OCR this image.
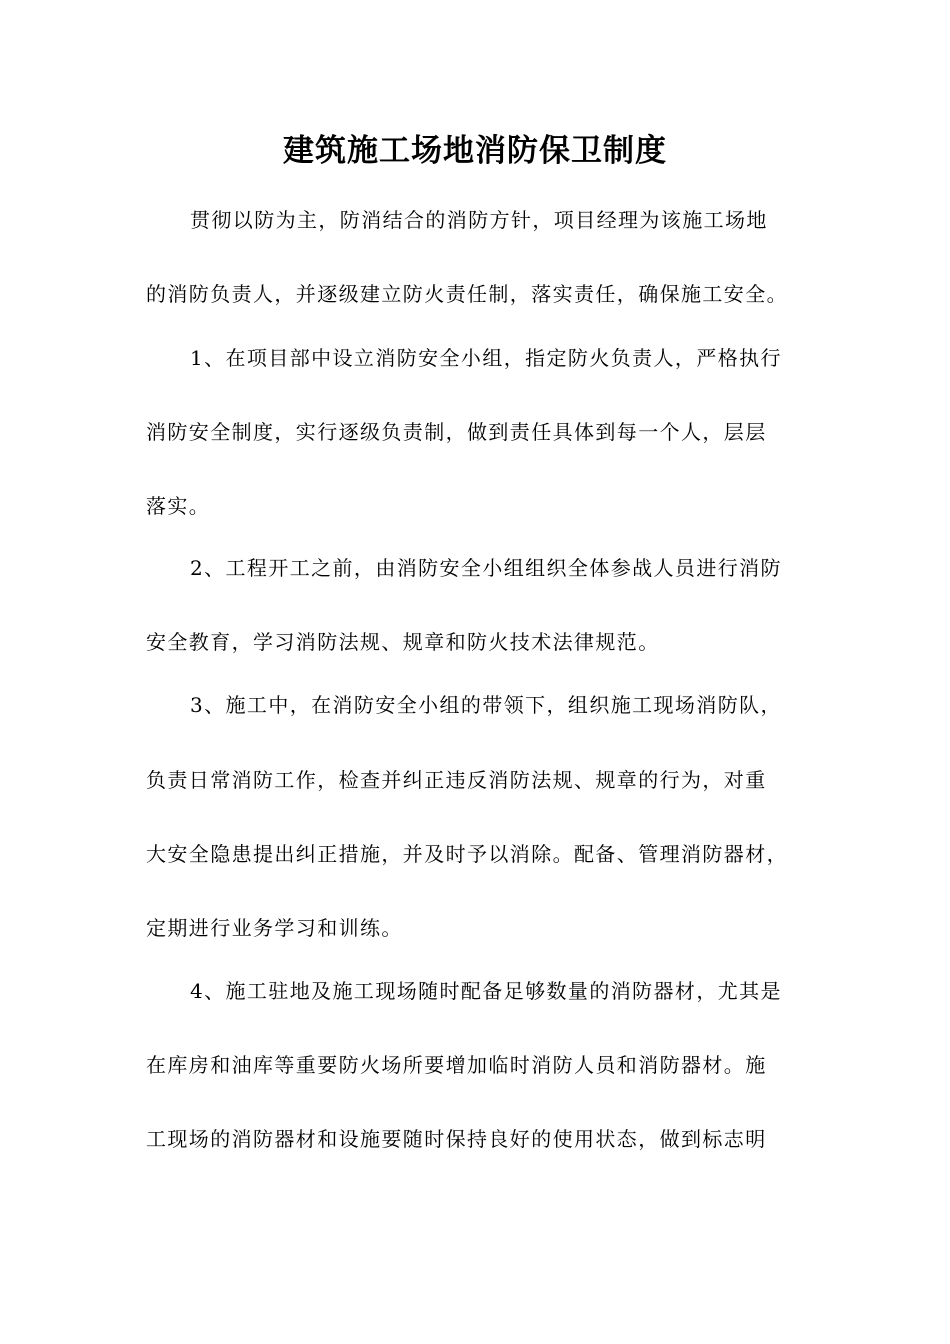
建筑施工场地消防保卫制度
贯彻以防为主，防消结合的消防方针，项目经理为该施工场地
的消防负责人，并逐级建立防火责任制，落实责任，确保施工安全。
1、在项目部中设立消防安全小组，指定防火负责人，严格执行
消防安全制度，实行逐级负责制，做到责任具体到每一个人，层层
落实。
2、工程开工之前，由消防安全小组组织全体参战人员进行消防
安全教育，学习消防法规、规章和防火技术法律规范。
3、施工中，在消防安全小组的带领下，组织施工现场消防队，
负责日常消防工作，检查并纠正违反消防法规、规章的行为，对重
大安全隐患提出纠正措施，并及时予以消除。配备、管理消防器材，
定期进行业务学习和训练。
4、施工驻地及施工现场随时配备足够数量的消防器材，尤其是
在库房和油库等重要防火场所要增加临时消防人员和消防器材。施
工现场的消防器材和设施要随时保持良好的使用状态，做到标志明
